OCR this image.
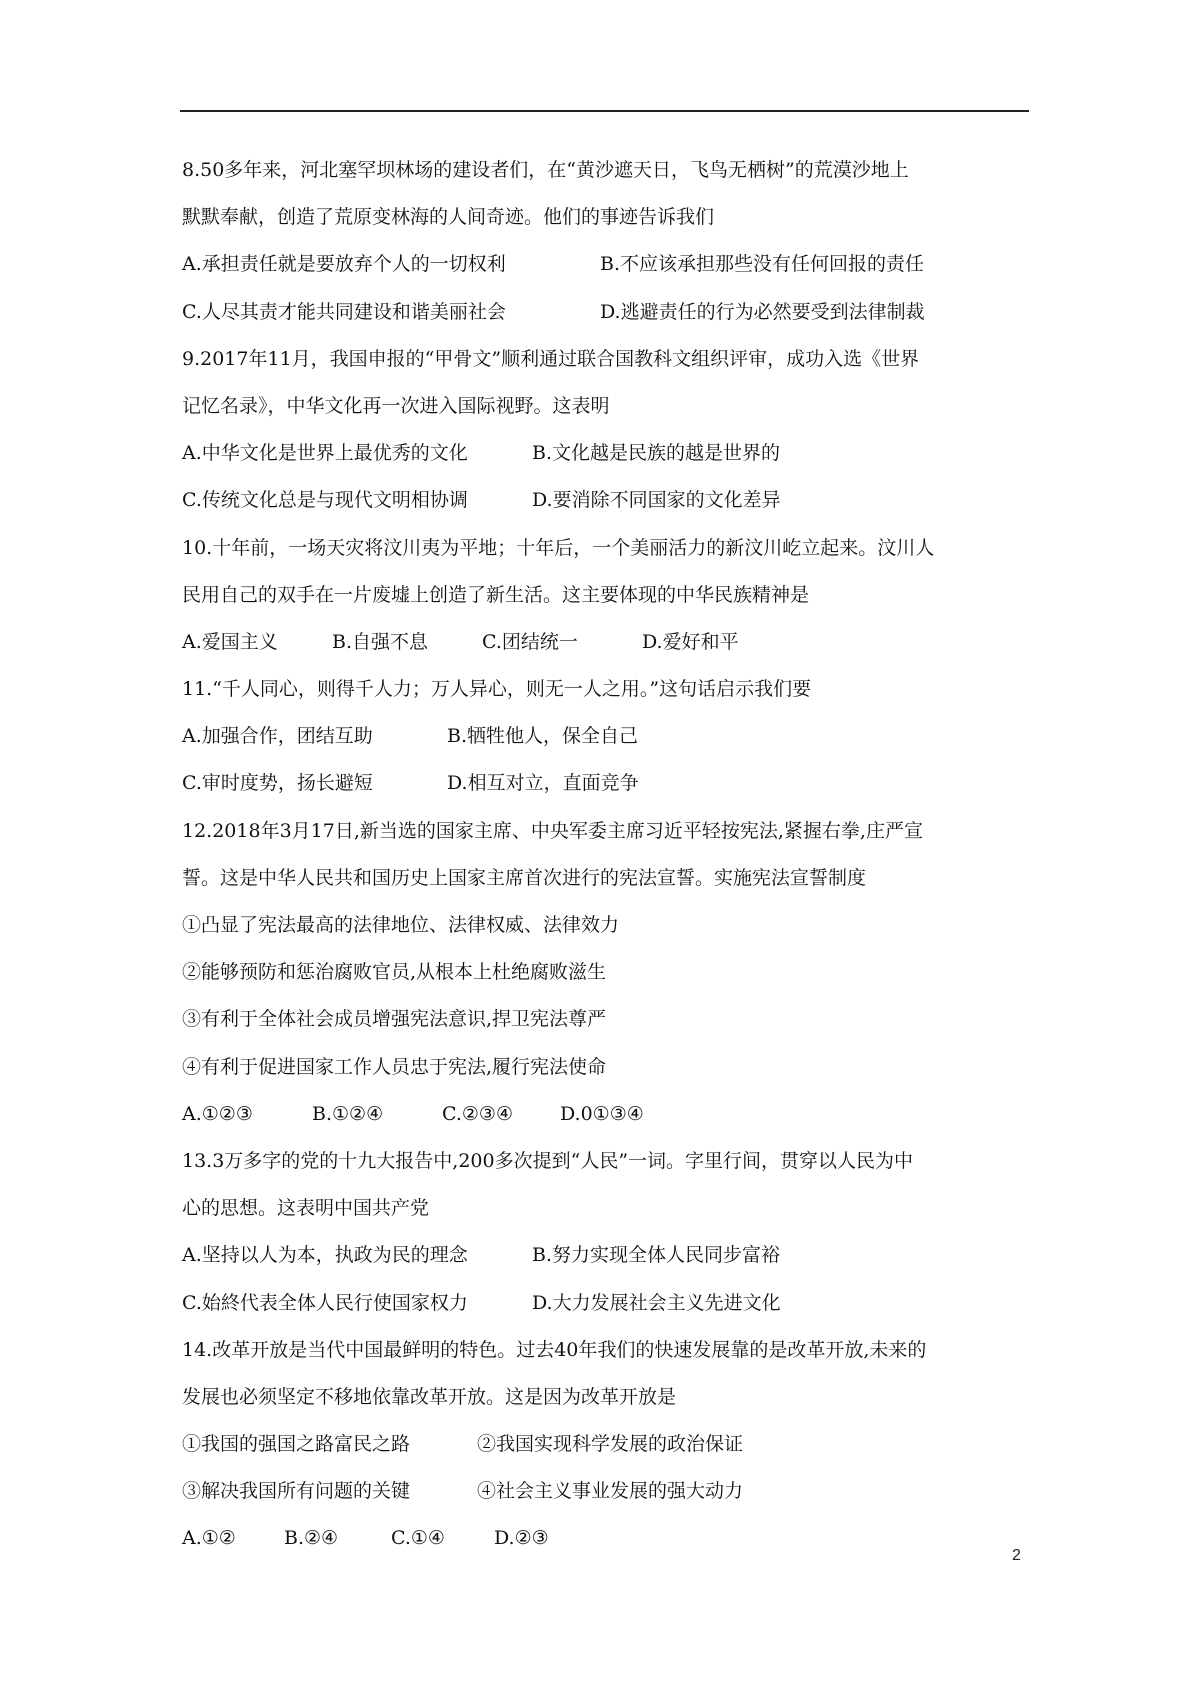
8.50多年来，河北塞罕坝林场的建设者们，在“黄沙遮天日，飞鸟无栖树”的荒漠沙地上
默默奉献，创造了荒原变林海的人间奇迹。他们的事迹告诉我们
A.承担责任就是要放弃个人的一切权利	B.不应该承担那些没有任何回报的责任
C.人尽其责才能共同建设和谐美丽社会	D.逃避责任的行为必然要受到法律制裁
9.2017年11月，我国申报的“甲骨文”顺利通过联合国教科文组织评审，成功入选《世界
记忆名录》，中华文化再一次进入国际视野。这表明
A.中华文化是世界上最优秀的文化	B.文化越是民族的越是世界的
C.传统文化总是与现代文明相协调	D.要消除不同国家的文化差异
10.十年前，一场天灾将汶川夷为平地；十年后，一个美丽活力的新汶川屹立起来。汶川人
民用自己的双手在一片废墟上创造了新生活。这主要体现的中华民族精神是
A.爱国主义	B.自强不息	C.团结统一	D.爱好和平
11.“千人同心，则得千人力；万人异心，则无一人之用。”这句话启示我们要
A.加强合作，团结互助	B.牺牲他人，保全自己
C.审时度势，扬长避短	D.相互对立，直面竞争
12.2018年3月17日,新当选的国家主席、中央军委主席习近平轻按宪法,紧握右拳,庄严宣
誓。这是中华人民共和国历史上国家主席首次进行的宪法宣誓。实施宪法宣誓制度
①凸显了宪法最高的法律地位、法律权威、法律效力
②能够预防和惩治腐败官员,从根本上杜绝腐败滋生
③有利于全体社会成员增强宪法意识,捍卫宪法尊严
④有利于促进国家工作人员忠于宪法,履行宪法使命
A.①②③	B.①②④	C.②③④ D.0①③④
13.3万多字的党的十九大报告中,200多次提到“人民”一词。字里行间，贯穿以人民为中
心的思想。这表明中国共产党
A.坚持以人为本，执政为民的理念	B.努力实现全体人民同步富裕
C.始終代表全体人民行使国家权力	D.大力发展社会主义先进文化
14.改革开放是当代中国最鲜明的特色。过去40年我们的快速发展靠的是改革开放,未来的
发展也必须坚定不移地依靠改革开放。这是因为改革开放是
①我国的强国之路富民之路	②我国实现科学发展的政治保证
③解决我国所有问题的关键	④社会主义事业发展的强大动力
A.①②	B.②④	C.①④	D.②③
2
